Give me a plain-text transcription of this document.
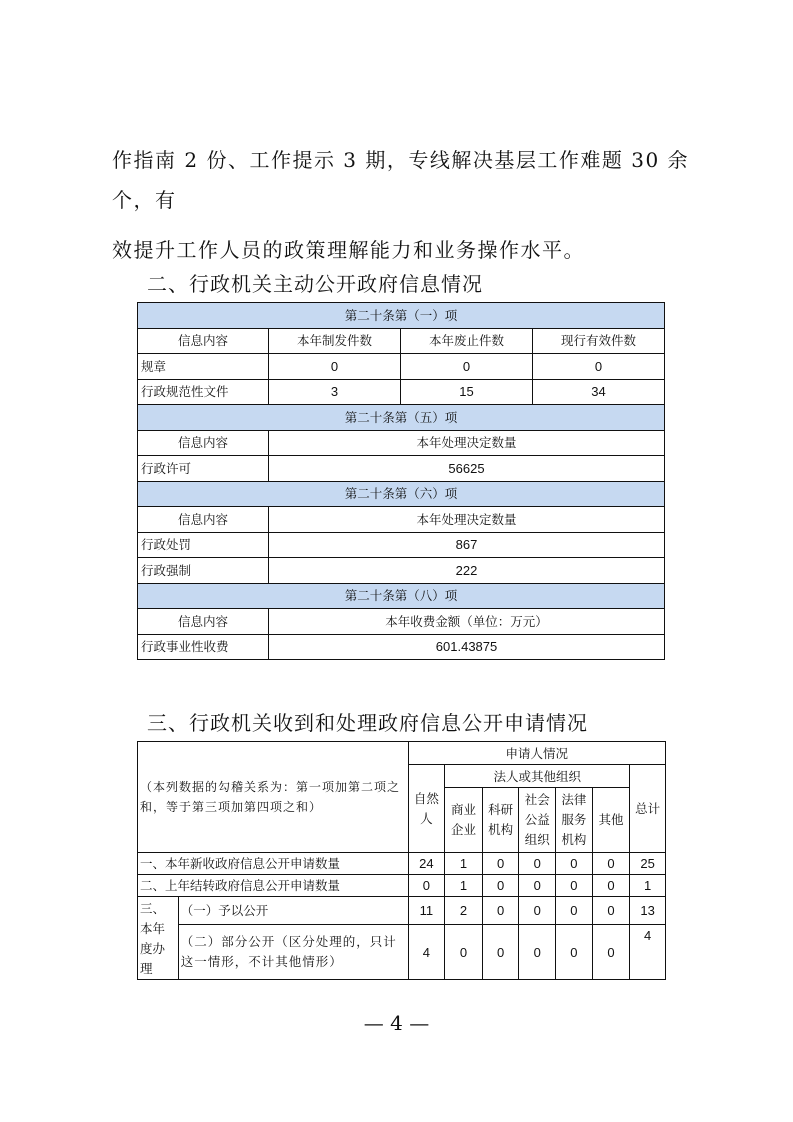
作指南 2 份、工作提示 3 期，专线解决基层工作难题 30 余个，有
效提升工作人员的政策理解能力和业务操作水平。
二、行政机关主动公开政府信息情况
第二十条第（一）项			
信息内容	本年制发件数	本年废止件数	现行有效件数
规章	0	0	0
行政规范性文件	3	15	34
第二十条第（五）项			
信息内容	本年处理决定数量		
行政许可	56625		
第二十条第（六）项			
信息内容	本年处理决定数量		
行政处罚	867		
行政强制	222		
第二十条第（八）项			
信息内容	本年收费金额（单位：万元）		
行政事业性收费	601.43875		
三、行政机关收到和处理政府信息公开申请情况
（本列数据的勾稽关系为：第一项加第二项之和，等于第三项加第四项之和）		申请人情况						

		自然人	法人或其他组织					总计

			商业企业	科研机构	社会公益组织	法律服务机构	其他	

一、本年新收政府信息公开申请数量		24	1	0	0	0	0	25
二、上年结转政府信息公开申请数量		0	1	0	0	0	0	1
三、本年度办理	（一）予以公开	11	2	0	0	0	0	13
	（二）部分公开（区分处理的，只计这一情形，不计其他情形）	4	0	0	0	0	0	4
— 4 —
